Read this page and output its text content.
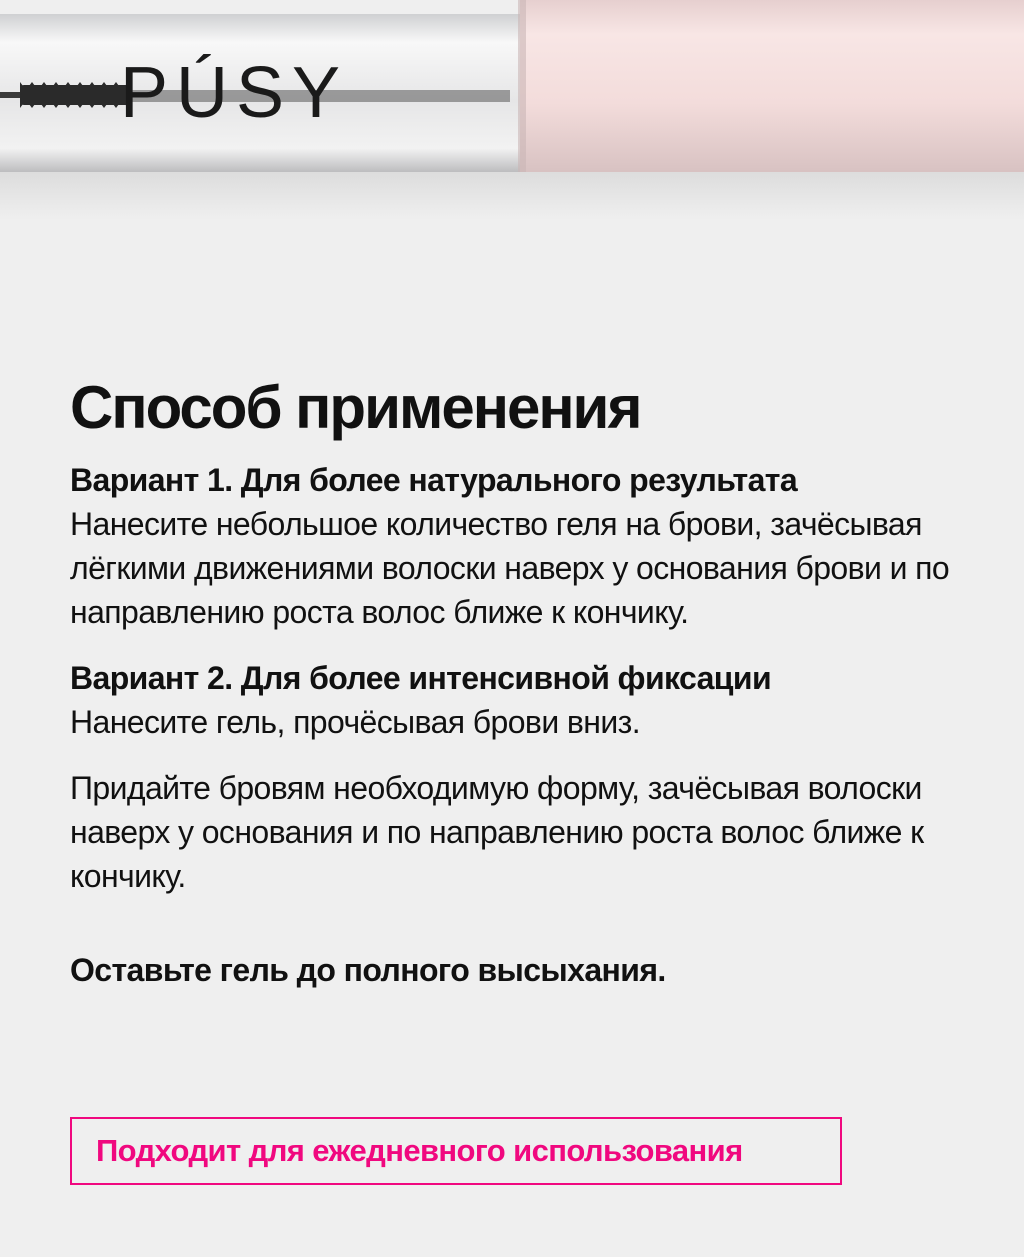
PÚSY
Способ применения
Вариант 1. Для более натурального результата
Нанесите небольшое количество геля на брови, зачёсывая лёгкими движениями волоски наверх у основания брови и по направлению роста волос ближе к кончику.
Вариант 2. Для более интенсивной фиксации
Нанесите гель, прочёсывая брови вниз.
Придайте бровям необходимую форму, зачёсывая волоски наверх у основания и по направлению роста волос ближе к кончику.
Оставьте гель до полного высыхания.
Подходит для ежедневного использования
